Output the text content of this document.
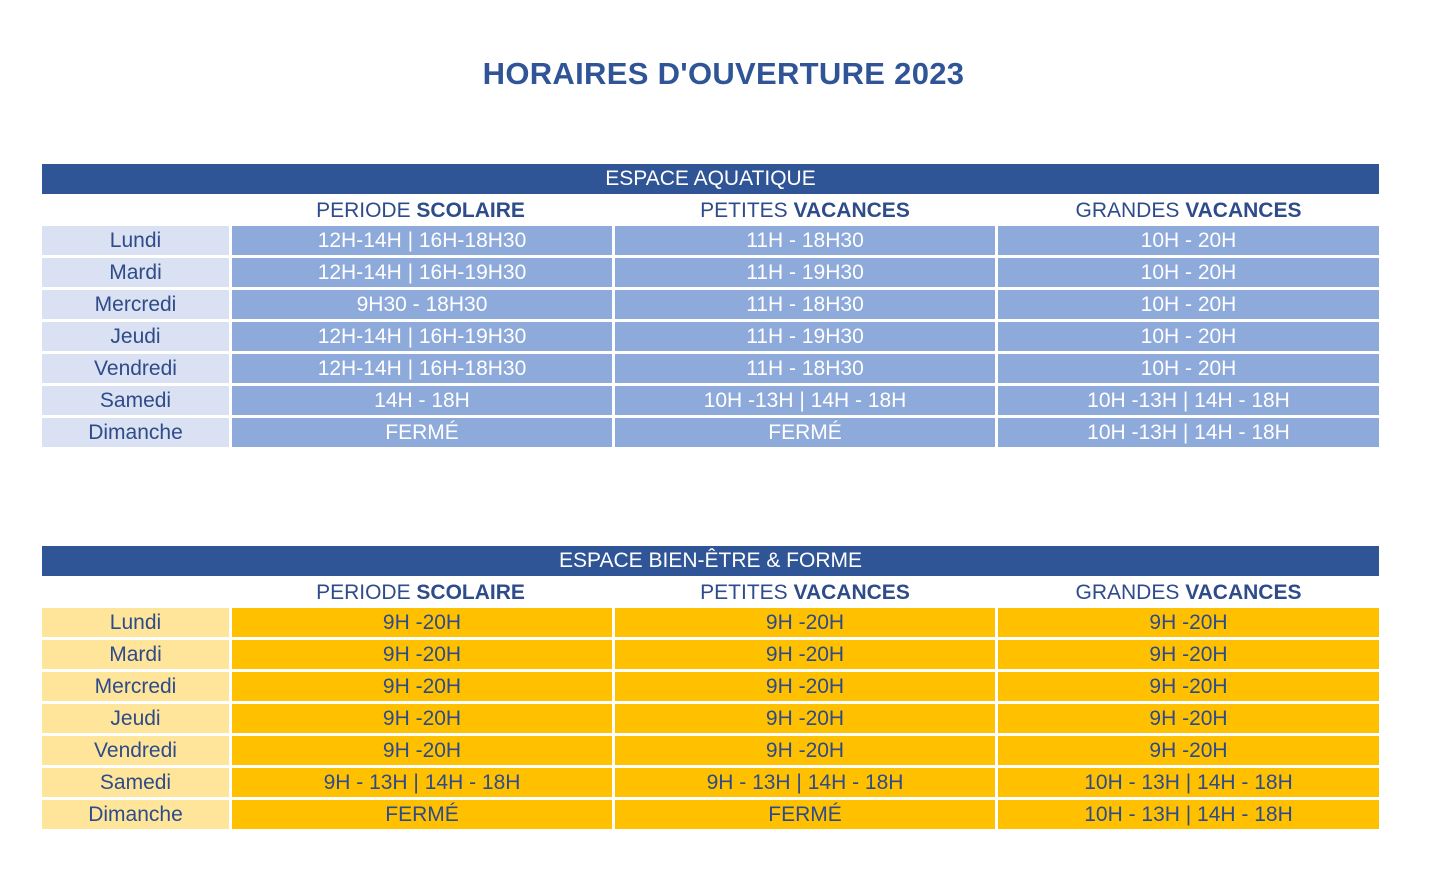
HORAIRES D'OUVERTURE 2023
ESPACE AQUATIQUE
PERIODE SCOLAIRE	PETITES VACANCES	GRANDES VACANCES
Lundi	12H-14H | 16H-18H30	11H - 18H30	10H - 20H
Mardi	12H-14H | 16H-19H30	11H - 19H30	10H - 20H
Mercredi	9H30 - 18H30	11H - 18H30	10H - 20H
Jeudi	12H-14H | 16H-19H30	11H - 19H30	10H - 20H
Vendredi	12H-14H | 16H-18H30	11H - 18H30	10H - 20H
Samedi	14H - 18H	10H -13H | 14H - 18H	10H -13H | 14H - 18H
Dimanche	FERMÉ	FERMÉ	10H -13H | 14H - 18H
ESPACE BIEN-ÊTRE & FORME
PERIODE SCOLAIRE	PETITES VACANCES	GRANDES VACANCES
Lundi	9H -20H	9H -20H	9H -20H
Mardi	9H -20H	9H -20H	9H -20H
Mercredi	9H -20H	9H -20H	9H -20H
Jeudi	9H -20H	9H -20H	9H -20H
Vendredi	9H -20H	9H -20H	9H -20H
Samedi	9H - 13H | 14H - 18H	9H - 13H | 14H - 18H	10H - 13H | 14H - 18H
Dimanche	FERMÉ	FERMÉ	10H - 13H | 14H - 18H
